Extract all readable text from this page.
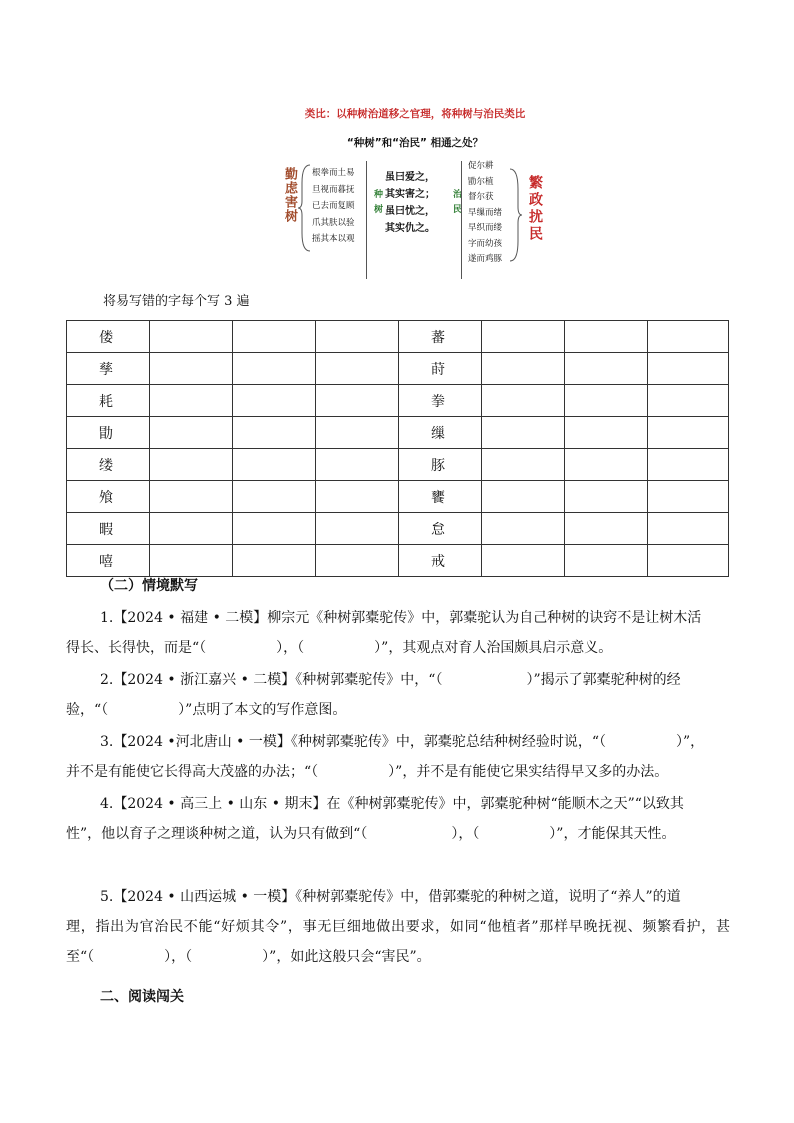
类比：以种树治道移之官理，将种树与治民类比
“种树”和“治民” 相通之处？
勤虑害树 根拳而土易
旦视而暮抚
已去而复顾
爪其肤以验
摇其本以观
种树
虽曰爱之，
其实害之；
虽曰忧之，
其实仇之。
治民
促尔耕
勖尔植
督尔获
早缫而绪
早织而缕
字而幼孩
遂而鸡豚
繁政扰民
将易写错的字每个写 3 遍
偻				蕃			
孳				莳			
耗				拳			
勖				缫			
缕				豚			
飧				饔			
暇				怠			
嘻				戒			
（二）情境默写
1.【2024 • 福建 • 二模】柳宗元《种树郭橐驼传》中，郭橐驼认为自己种树的诀窍不是让树木活
得长、长得快，而是“（　　　　　），（　　　　　）”，其观点对育人治国颇具启示意义。
2.【2024 • 浙江嘉兴 • 二模】《种树郭橐驼传》中，“（　　　　　　）”揭示了郭橐驼种树的经
验，“（　　　　　）”点明了本文的写作意图。
3.【2024 •河北唐山 • 一模】《种树郭橐驼传》中，郭橐驼总结种树经验时说，“（　　　　　）”，
并不是有能使它长得高大茂盛的办法；“（　　　　　）”，并不是有能使它果实结得早又多的办法。
4.【2024 • 高三上 • 山东 • 期末】在《种树郭橐驼传》中，郭橐驼种树“能顺木之天”“以致其
性”，他以育子之理谈种树之道，认为只有做到“（　　　　　　），（　　　　　）”，才能保其天性。
5.【2024 • 山西运城 • 一模】《种树郭橐驼传》中，借郭橐驼的种树之道，说明了“养人”的道
理，指出为官治民不能“好烦其令”，事无巨细地做出要求，如同“他植者”那样早晚抚视、频繁看护，甚至“（　　　　　），（　　　　　）”，如此这般只会“害民”。
二、阅读闯关
